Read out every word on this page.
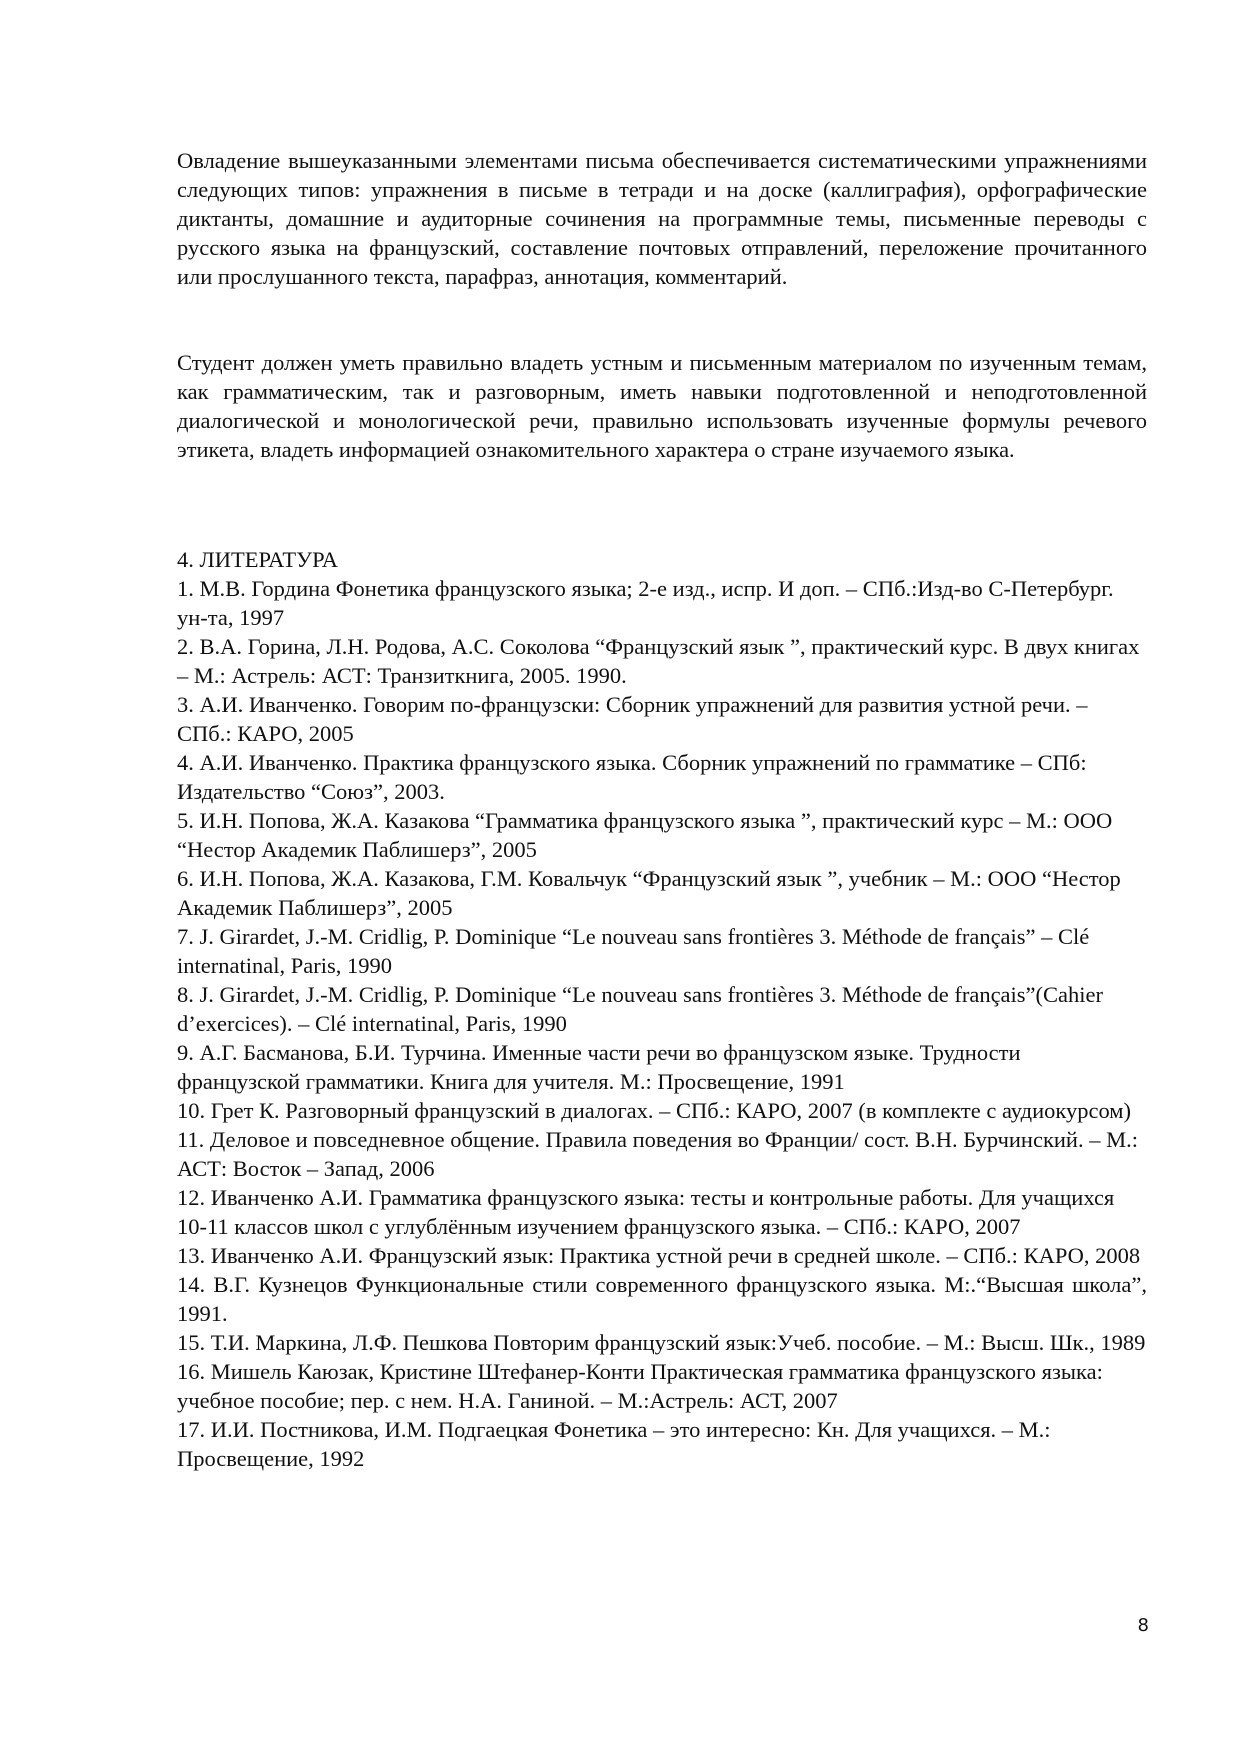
Овладение вышеуказанными элементами письма обеспечивается систематическими упражнениями следующих типов: упражнения в письме в тетради и на доске (каллиграфия), орфографические диктанты, домашние и аудиторные сочинения на программные темы, письменные переводы с русского языка на французский, составление почтовых отправлений, переложение прочитанного или прослушанного текста, парафраз, аннотация, комментарий.

Студент должен уметь правильно владеть устным и письменным материалом по изученным темам, как грамматическим, так и разговорным, иметь навыки подготовленной и неподготовленной диалогической и монологической речи, правильно использовать изученные формулы речевого этикета, владеть информацией ознакомительного характера о стране изучаемого языка.

4. ЛИТЕРАТУРА
1. М.В. Гордина Фонетика французского языка; 2-е изд., испр. И доп. – СПб.:Изд-во С-Петербург. ун-та, 1997
2. В.А. Горина, Л.Н. Родова, А.С. Соколова “Французский язык ”, практический курс. В двух книгах – М.: Астрель: АСТ: Транзиткнига, 2005. 1990.
3. А.И. Иванченко. Говорим по-французски: Сборник упражнений для развития устной речи. – СПб.: КАРО, 2005
4. А.И. Иванченко. Практика французского языка. Сборник упражнений по грамматике – СПб: Издательство “Союз”, 2003.
5. И.Н. Попова, Ж.А. Казакова “Грамматика французского языка ”, практический курс – М.: ООО “Нестор Академик Паблишерз”, 2005
6. И.Н. Попова, Ж.А. Казакова, Г.М. Ковальчук “Французский язык ”, учебник – М.: ООО “Нестор Академик Паблишерз”, 2005
7. J. Girardet, J.-M. Cridlig, P. Dominique “Le nouveau sans frontières 3. Méthode de français” – Clé internatinal, Paris, 1990
8. J. Girardet, J.-M. Cridlig, P. Dominique “Le nouveau sans frontières 3. Méthode de français”(Cahier d’exercices). – Clé internatinal, Paris, 1990
9. А.Г. Басманова, Б.И. Турчина. Именные части речи во французском языке. Трудности французской грамматики. Книга для учителя. М.: Просвещение, 1991
10. Грет К. Разговорный французский в диалогах. – СПб.: КАРО, 2007 (в комплекте с аудиокурсом)
11. Деловое и повседневное общение. Правила поведения во Франции/ сост. В.Н. Бурчинский. – М.: АСТ: Восток – Запад, 2006
12. Иванченко А.И. Грамматика французского языка: тесты и контрольные работы. Для учащихся 10-11 классов школ с углублённым изучением французского языка. – СПб.: КАРО, 2007
13. Иванченко А.И. Французский язык: Практика устной речи в средней школе. – СПб.: КАРО, 2008
14. В.Г. Кузнецов Функциональные стили современного французского языка. М:.“Высшая школа”, 1991.
15. Т.И. Маркина, Л.Ф. Пешкова Повторим французский язык:Учеб. пособие. – М.: Высш. Шк., 1989
16. Мишель Каюзак, Кристине Штефанер-Конти Практическая грамматика французского языка: учебное пособие; пер. с нем. Н.А. Ганиной. – М.:Астрель: АСТ, 2007
17. И.И. Постникова, И.М. Подгаецкая Фонетика – это интересно: Кн. Для учащихся. – М.: Просвещение, 1992
8
